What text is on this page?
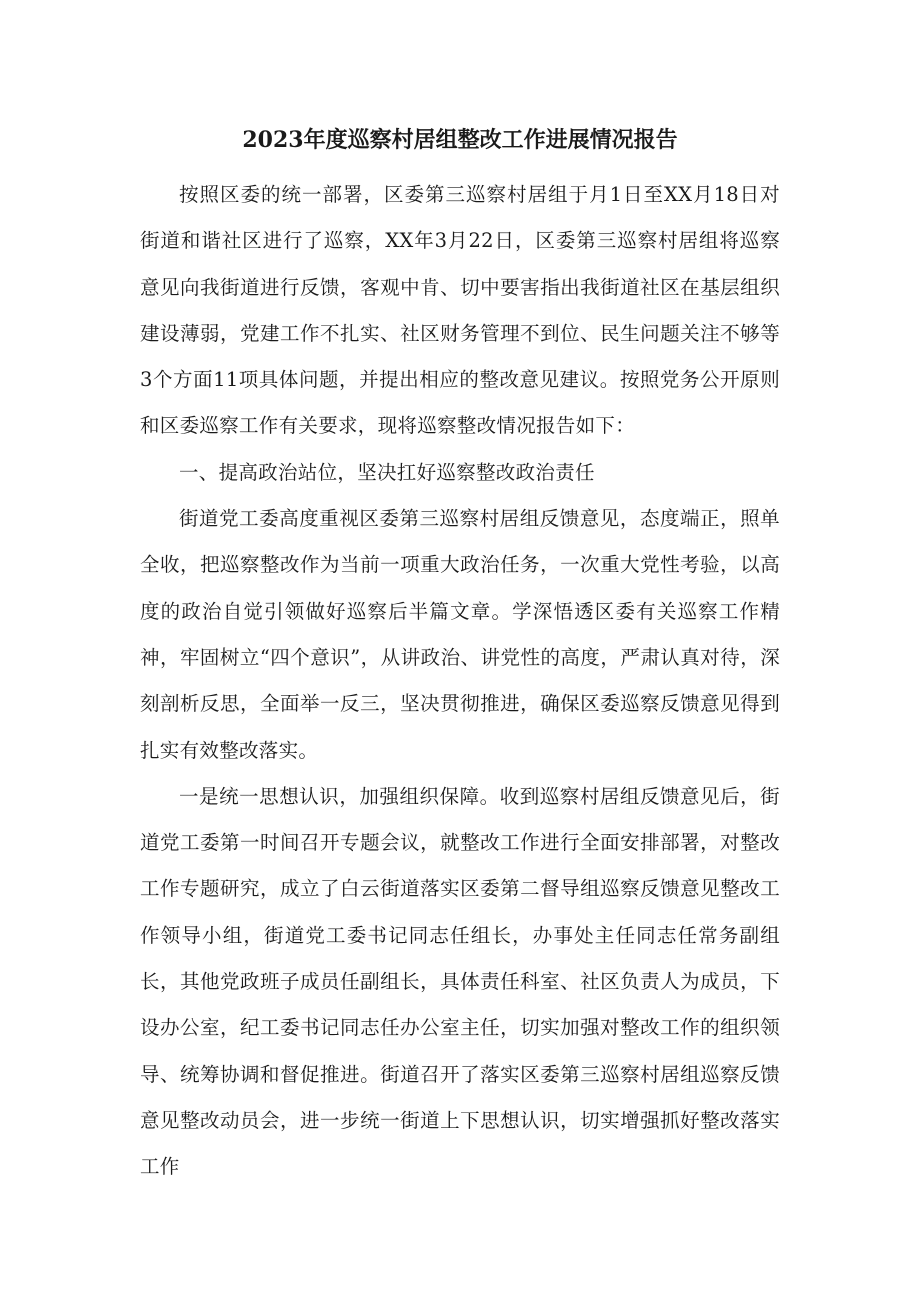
2023年度巡察村居组整改工作进展情况报告

按照区委的统一部署，区委第三巡察村居组于月1日至XX月18日对街道和谐社区进行了巡察，XX年3月22日，区委第三巡察村居组将巡察意见向我街道进行反馈，客观中肯、切中要害指出我街道社区在基层组织建设薄弱，党建工作不扎实、社区财务管理不到位、民生问题关注不够等3个方面11项具体问题，并提出相应的整改意见建议。按照党务公开原则和区委巡察工作有关要求，现将巡察整改情况报告如下：

一、提高政治站位，坚决扛好巡察整改政治责任

街道党工委高度重视区委第三巡察村居组反馈意见，态度端正，照单全收，把巡察整改作为当前一项重大政治任务，一次重大党性考验，以高度的政治自觉引领做好巡察后半篇文章。学深悟透区委有关巡察工作精神，牢固树立“四个意识”，从讲政治、讲党性的高度，严肃认真对待，深刻剖析反思，全面举一反三，坚决贯彻推进，确保区委巡察反馈意见得到扎实有效整改落实。

一是统一思想认识，加强组织保障。收到巡察村居组反馈意见后，街道党工委第一时间召开专题会议，就整改工作进行全面安排部署，对整改工作专题研究，成立了白云街道落实区委第二督导组巡察反馈意见整改工作领导小组，街道党工委书记同志任组长，办事处主任同志任常务副组长，其他党政班子成员任副组长，具体责任科室、社区负责人为成员，下设办公室，纪工委书记同志任办公室主任，切实加强对整改工作的组织领导、统筹协调和督促推进。街道召开了落实区委第三巡察村居组巡察反馈意见整改动员会，进一步统一街道上下思想认识，切实增强抓好整改落实工作
